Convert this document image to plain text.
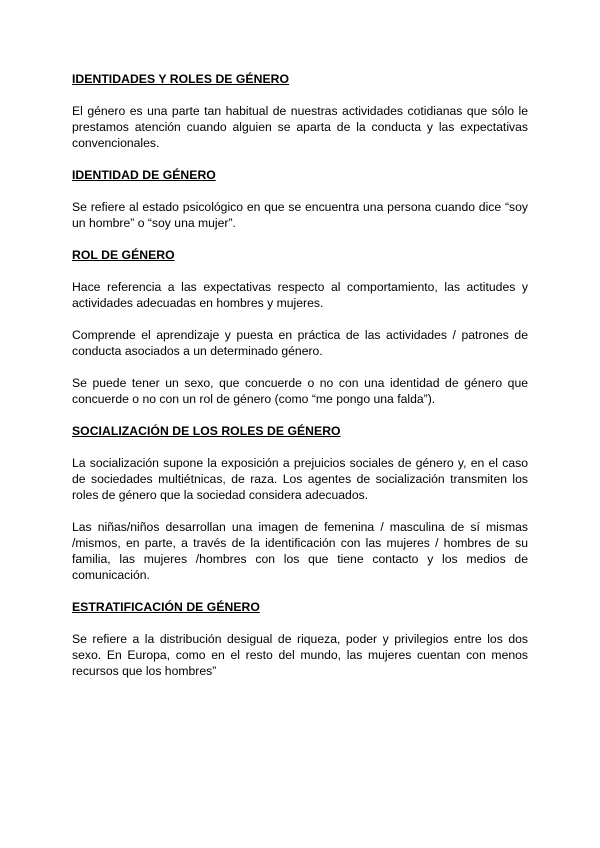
IDENTIDADES Y ROLES DE GÉNERO

El género es una parte tan habitual de nuestras actividades cotidianas que sólo le prestamos atención cuando alguien se aparta de la conducta y las expectativas convencionales.

IDENTIDAD DE GÉNERO

Se refiere al estado psicológico en que se encuentra una persona cuando dice “soy un hombre” o “soy una mujer”.

ROL DE GÉNERO

Hace referencia a las expectativas respecto al comportamiento, las actitudes y actividades adecuadas en hombres y mujeres.

Comprende el aprendizaje y puesta en práctica de las actividades / patrones de conducta asociados a un determinado género.

Se puede tener un sexo, que concuerde o no con una identidad de género que concuerde o no con un rol de género (como “me pongo una falda”).

SOCIALIZACIÓN DE LOS ROLES DE GÉNERO

La socialización supone la exposición a prejuicios sociales de género y, en el caso de sociedades multiétnicas, de raza. Los agentes de socialización transmiten los roles de género que la sociedad considera adecuados.

Las niñas/niños desarrollan una imagen de femenina / masculina de sí mismas /mismos, en parte, a través de la identificación con las mujeres / hombres de su familia, las mujeres /hombres con los que tiene contacto y los medios de comunicación.

ESTRATIFICACIÓN DE GÉNERO

Se refiere a la distribución desigual de riqueza, poder y privilegios entre los dos sexo. En Europa, como en el resto del mundo, las mujeres cuentan con menos recursos que los hombres”
